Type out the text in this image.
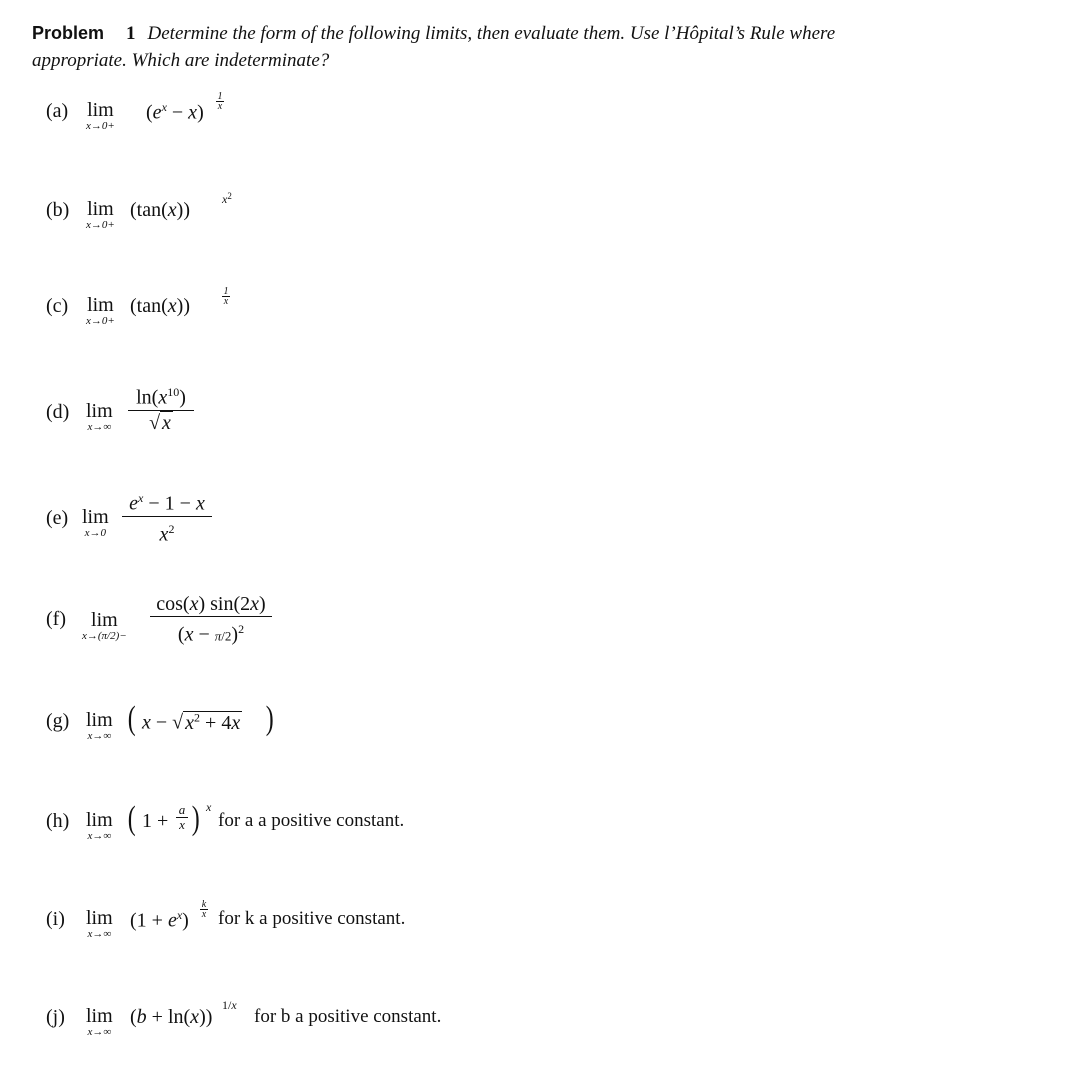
Problem 1 Determine the form of the following limits, then evaluate them. Use l’Hôpital’s Rule where
appropriate. Which are indeterminate?
(a) lim
x→0+
$(e^x - x)$
1
x
(b) lim
x→0+
(tan(x))	$x^2$
(c) lim
x→0+
(tan(x))
1
x
(d) lim
x→∞
$\ln(x^{10})$
√ x
(e) lim
x→0
$e^x - 1 - x$
$x^2$
(f)	lim
x→(π/2)−
cos(x) sin(2x)
$(x - \pi/2)^2$
(g) lim
x→∞ ( x − √ $x^2 + 4x$ )
(h) lim
x→∞ ( 1 +
a
x ) x
for a a positive constant.
(i) lim
x→∞
$(1 + e^x)$
k
x for k a positive constant.
(j) lim
x→∞
(b + ln(x))
1/x
for b a positive constant.
